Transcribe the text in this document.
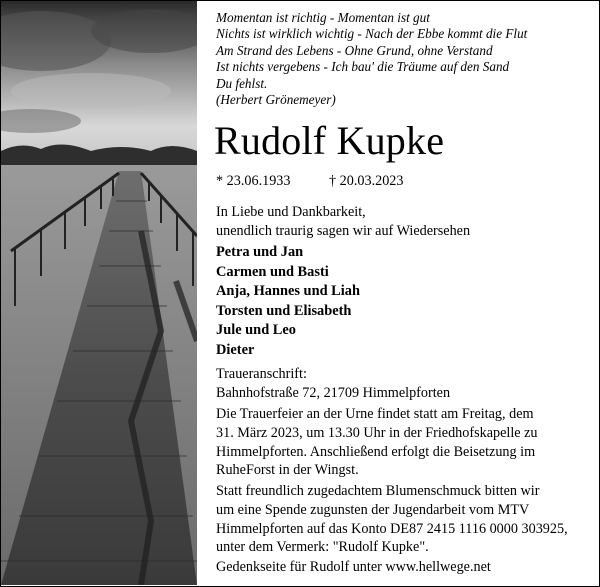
Momentan ist richtig - Momentan ist gut
Nichts ist wirklich wichtig - Nach der Ebbe kommt die Flut
Am Strand des Lebens - Ohne Grund, ohne Verstand
Ist nichts vergebens - Ich bau' die Träume auf den Sand
Du fehlst.
(Herbert Grönemeyer)
Rudolf Kupke
* 23.06.1933	† 20.03.2023
In Liebe und Dankbarkeit,
unendlich traurig sagen wir auf Wiedersehen
Petra und Jan
Carmen und Basti
Anja, Hannes und Liah
Torsten und Elisabeth
Jule und Leo
Dieter
Traueranschrift:
Bahnhofstraße 72, 21709 Himmelpforten
Die Trauerfeier an der Urne findet statt am Freitag, dem
31. März 2023, um 13.30 Uhr in der Friedhofskapelle zu
Himmelpforten. Anschließend erfolgt die Beisetzung im
RuheForst in der Wingst.
Statt freundlich zugedachtem Blumenschmuck bitten wir
um eine Spende zugunsten der Jugendarbeit vom MTV
Himmelpforten auf das Konto DE87 2415 1116 0000 303925,
unter dem Vermerk: "Rudolf Kupke".
Gedenkseite für Rudolf unter www.hellwege.net
